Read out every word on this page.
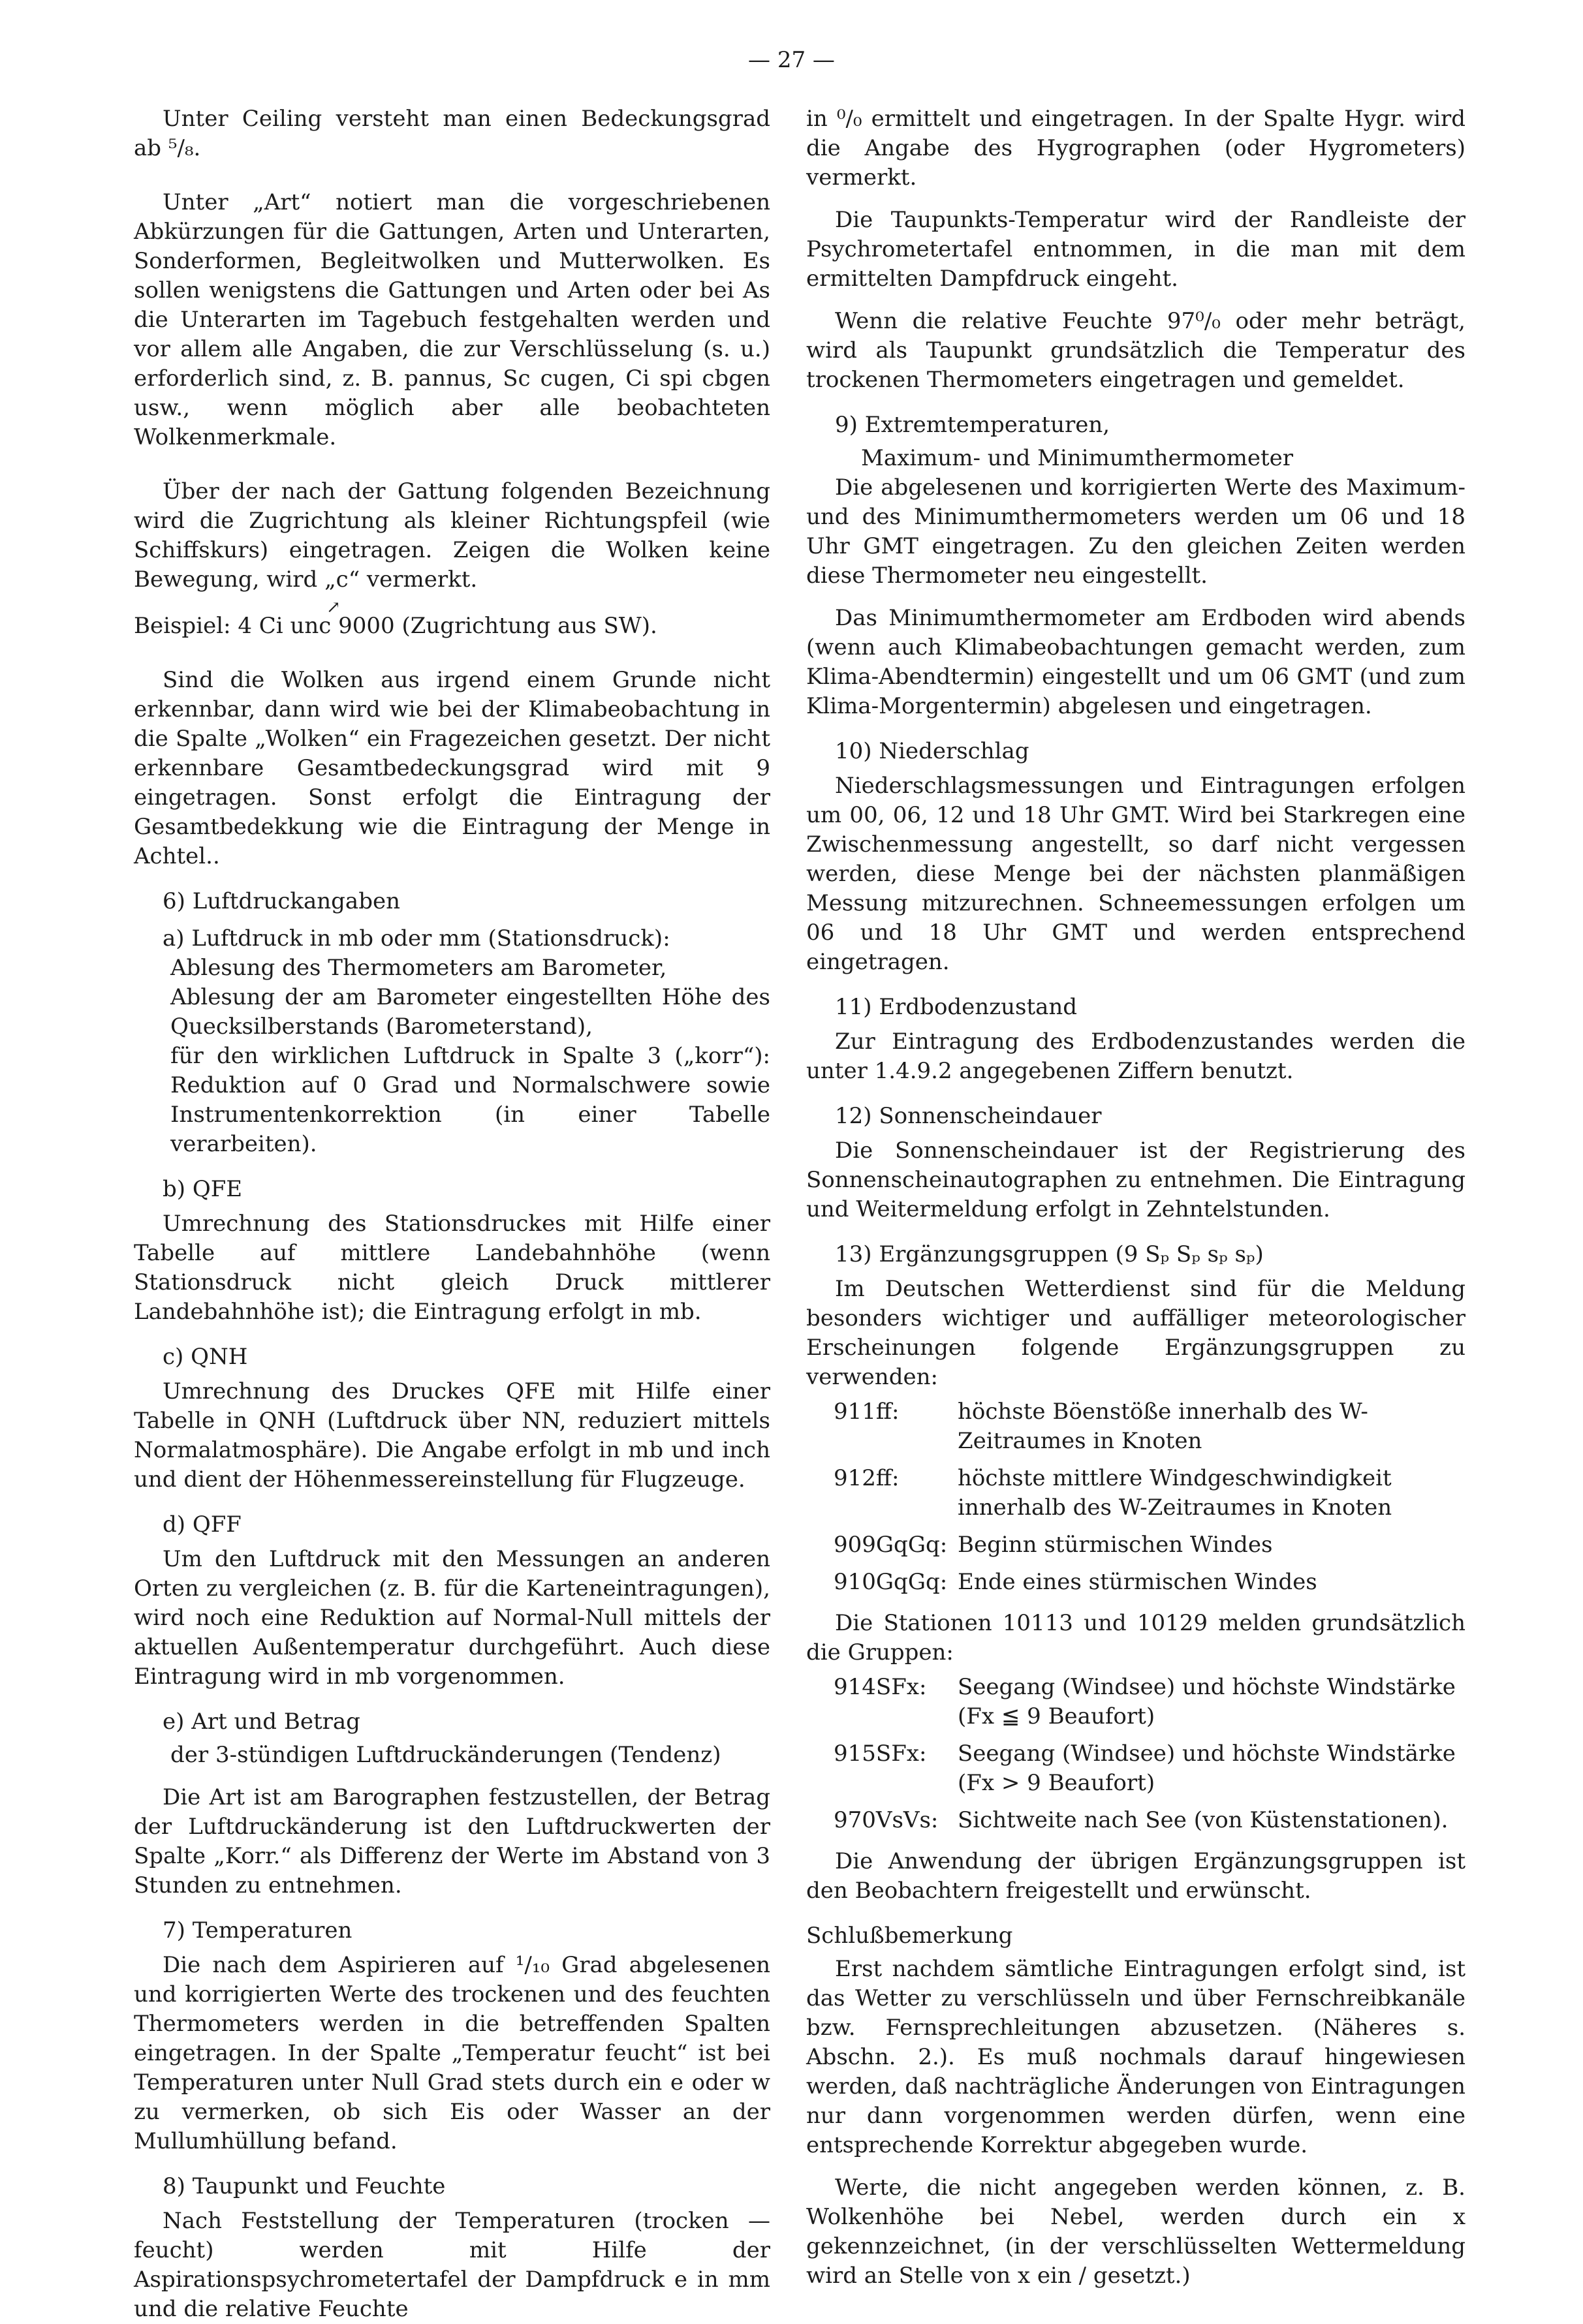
— 27 —

Unter Ceiling versteht man einen Bedeckungsgrad ab ⁵/₈.

Unter „Art“ notiert man die vorgeschriebenen Abkürzungen für die Gattungen, Arten und Unterarten, Sonderformen, Begleitwolken und Mutterwolken. Es sollen wenigstens die Gattungen und Arten oder bei As die Unterarten im Tagebuch festgehalten werden und vor allem alle Angaben, die zur Verschlüsselung (s. u.) erforderlich sind, z. B. pannus, Sc cugen, Ci spi cbgen usw., wenn möglich aber alle beobachteten Wolkenmerkmale.

Über der nach der Gattung folgenden Bezeichnung wird die Zugrichtung als kleiner Richtungspfeil (wie Schiffskurs) eingetragen. Zeigen die Wolken keine Bewegung, wird „c“ vermerkt.

↗

Beispiel: 4 Ci unc 9000 (Zugrichtung aus SW).

Sind die Wolken aus irgend einem Grunde nicht erkennbar, dann wird wie bei der Klimabeobachtung in die Spalte „Wolken“ ein Fragezeichen gesetzt. Der nicht erkennbare Gesamtbedeckungsgrad wird mit 9 eingetragen. Sonst erfolgt die Eintragung der Gesamtbedekkung wie die Eintragung der Menge in Achtel..

6) Luftdruckangaben

a) Luftdruck in mb oder mm (Stationsdruck):

Ablesung des Thermometers am Barometer,

Ablesung der am Barometer eingestellten Höhe des Quecksilberstands (Barometerstand),

für den wirklichen Luftdruck in Spalte 3 („korr“): Reduktion auf 0 Grad und Normalschwere sowie Instrumentenkorrektion (in einer Tabelle verarbeiten).

b) QFE

Umrechnung des Stationsdruckes mit Hilfe einer Tabelle auf mittlere Landebahnhöhe (wenn Stationsdruck nicht gleich Druck mittlerer Landebahnhöhe ist); die Eintragung erfolgt in mb.

c) QNH

Umrechnung des Druckes QFE mit Hilfe einer Tabelle in QNH (Luftdruck über NN, reduziert mittels Normalatmosphäre). Die Angabe erfolgt in mb und inch und dient der Höhenmessereinstellung für Flugzeuge.

d) QFF

Um den Luftdruck mit den Messungen an anderen Orten zu vergleichen (z. B. für die Karteneintragungen), wird noch eine Reduktion auf Normal-Null mittels der aktuellen Außentemperatur durchgeführt. Auch diese Eintragung wird in mb vorgenommen.

e) Art und Betrag

der 3-stündigen Luftdruckänderungen (Tendenz)

Die Art ist am Barographen festzustellen, der Betrag der Luftdruckänderung ist den Luftdruckwerten der Spalte „Korr.“ als Differenz der Werte im Abstand von 3 Stunden zu entnehmen.

7) Temperaturen

Die nach dem Aspirieren auf ¹/₁₀ Grad abgelesenen und korrigierten Werte des trockenen und des feuchten Thermometers werden in die betreffenden Spalten eingetragen. In der Spalte „Temperatur feucht“ ist bei Temperaturen unter Null Grad stets durch ein e oder w zu vermerken, ob sich Eis oder Wasser an der Mullumhüllung befand.

8) Taupunkt und Feuchte

Nach Feststellung der Temperaturen (trocken — feucht) werden mit Hilfe der Aspirationspsychrometertafel der Dampfdruck e in mm und die relative Feuchte

in ⁰/₀ ermittelt und eingetragen. In der Spalte Hygr. wird die Angabe des Hygrographen (oder Hygrometers) vermerkt.

Die Taupunkts-Temperatur wird der Randleiste der Psychrometertafel entnommen, in die man mit dem ermittelten Dampfdruck eingeht.

Wenn die relative Feuchte 97⁰/₀ oder mehr beträgt, wird als Taupunkt grundsätzlich die Temperatur des trockenen Thermometers eingetragen und gemeldet.

9) Extremtemperaturen,

Maximum- und Minimumthermometer

Die abgelesenen und korrigierten Werte des Maximum- und des Minimumthermometers werden um 06 und 18 Uhr GMT eingetragen. Zu den gleichen Zeiten werden diese Thermometer neu eingestellt.

Das Minimumthermometer am Erdboden wird abends (wenn auch Klimabeobachtungen gemacht werden, zum Klima-Abendtermin) eingestellt und um 06 GMT (und zum Klima-Morgentermin) abgelesen und eingetragen.

10) Niederschlag

Niederschlagsmessungen und Eintragungen erfolgen um 00, 06, 12 und 18 Uhr GMT. Wird bei Starkregen eine Zwischenmessung angestellt, so darf nicht vergessen werden, diese Menge bei der nächsten planmäßigen Messung mitzurechnen. Schneemessungen erfolgen um 06 und 18 Uhr GMT und werden entsprechend eingetragen.

11) Erdbodenzustand

Zur Eintragung des Erdbodenzustandes werden die unter 1.4.9.2 angegebenen Ziffern benutzt.

12) Sonnenscheindauer

Die Sonnenscheindauer ist der Registrierung des Sonnenscheinautographen zu entnehmen. Die Eintragung und Weitermeldung erfolgt in Zehntelstunden.

13) Ergänzungsgruppen (9 Sₚ Sₚ sₚ sₚ)

Im Deutschen Wetterdienst sind für die Meldung besonders wichtiger und auffälliger meteorologischer Erscheinungen folgende Ergänzungsgruppen zu verwenden:

911ff:	höchste Böenstöße innerhalb des W-Zeitraumes in Knoten
912ff:	höchste mittlere Windgeschwindigkeit innerhalb des W-Zeitraumes in Knoten
909GqGq:	Beginn stürmischen Windes
910GqGq:	Ende eines stürmischen Windes

Die Stationen 10113 und 10129 melden grundsätzlich die Gruppen:

914SFx:	Seegang (Windsee) und höchste Windstärke (Fx ≦ 9 Beaufort)
915SFx:	Seegang (Windsee) und höchste Windstärke (Fx > 9 Beaufort)
970VsVs:	Sichtweite nach See (von Küstenstationen).

Die Anwendung der übrigen Ergänzungsgruppen ist den Beobachtern freigestellt und erwünscht.

Schlußbemerkung

Erst nachdem sämtliche Eintragungen erfolgt sind, ist das Wetter zu verschlüsseln und über Fernschreibkanäle bzw. Fernsprechleitungen abzusetzen. (Näheres s. Abschn. 2.). Es muß nochmals darauf hingewiesen werden, daß nachträgliche Änderungen von Eintragungen nur dann vorgenommen werden dürfen, wenn eine entsprechende Korrektur abgegeben wurde.

Werte, die nicht angegeben werden können, z. B. Wolkenhöhe bei Nebel, werden durch ein x gekennzeichnet, (in der verschlüsselten Wettermeldung wird an Stelle von x ein / gesetzt.)
